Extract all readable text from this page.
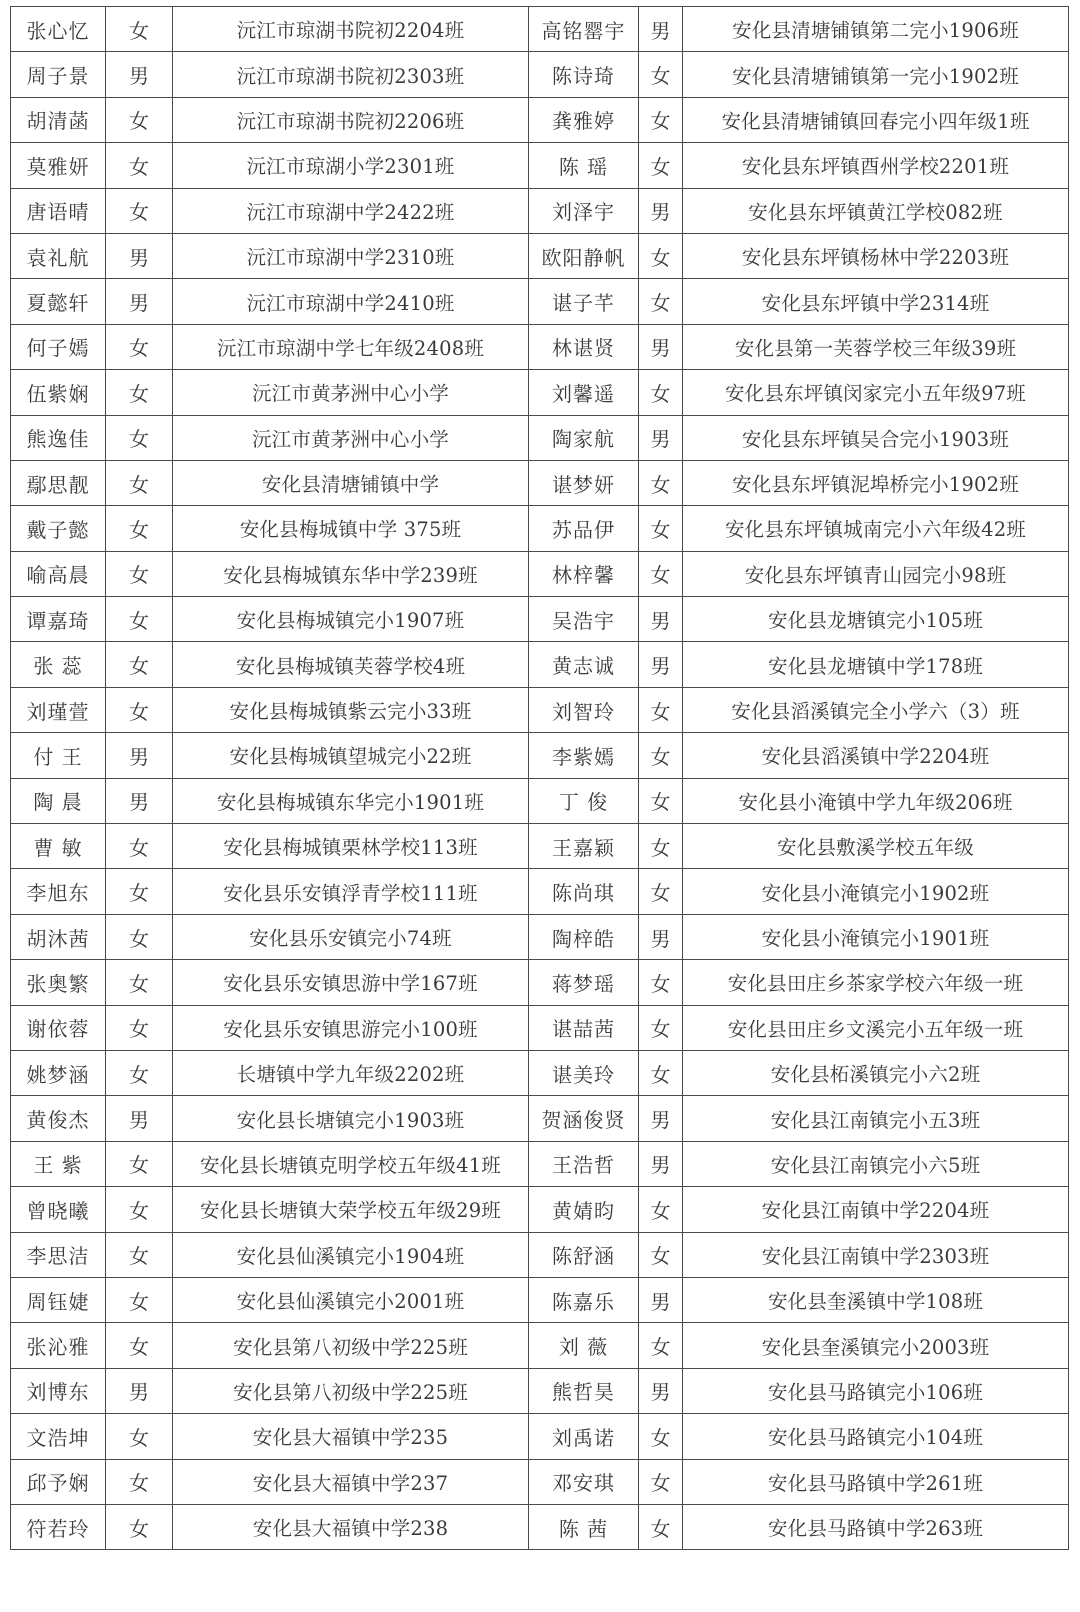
张心忆	女	沅江市琼湖书院初2204班	高铭罂宇	男	安化县清塘铺镇第二完小1906班
周子景	男	沅江市琼湖书院初2303班	陈诗琦	女	安化县清塘铺镇第一完小1902班
胡清菡	女	沅江市琼湖书院初2206班	龚雅婷	女	安化县清塘铺镇回春完小四年级1班
莫雅妍	女	沅江市琼湖小学2301班	陈 瑶	女	安化县东坪镇酉州学校2201班
唐语晴	女	沅江市琼湖中学2422班	刘泽宇	男	安化县东坪镇黄江学校082班
袁礼航	男	沅江市琼湖中学2310班	欧阳静帆	女	安化县东坪镇杨林中学2203班
夏懿轩	男	沅江市琼湖中学2410班	谌子芊	女	安化县东坪镇中学2314班
何子嫣	女	沅江市琼湖中学七年级2408班	林谌贤	男	安化县第一芙蓉学校三年级39班
伍紫娴	女	沅江市黄茅洲中心小学	刘馨遥	女	安化县东坪镇闵家完小五年级97班
熊逸佳	女	沅江市黄茅洲中心小学	陶家航	男	安化县东坪镇吴合完小1903班
鄢思靓	女	安化县清塘铺镇中学	谌梦妍	女	安化县东坪镇泥埠桥完小1902班
戴子懿	女	安化县梅城镇中学 375班	苏品伊	女	安化县东坪镇城南完小六年级42班
喻高晨	女	安化县梅城镇东华中学239班	林梓馨	女	安化县东坪镇青山园完小98班
谭嘉琦	女	安化县梅城镇完小1907班	吴浩宇	男	安化县龙塘镇完小105班
张 蕊	女	安化县梅城镇芙蓉学校4班	黄志诚	男	安化县龙塘镇中学178班
刘瑾萱	女	安化县梅城镇紫云完小33班	刘智玲	女	安化县滔溪镇完全小学六（3）班
付 王	男	安化县梅城镇望城完小22班	李紫嫣	女	安化县滔溪镇中学2204班
陶 晨	男	安化县梅城镇东华完小1901班	丁 俊	女	安化县小淹镇中学九年级206班
曹 敏	女	安化县梅城镇栗林学校113班	王嘉颖	女	安化县敷溪学校五年级
李旭东	女	安化县乐安镇浮青学校111班	陈尚琪	女	安化县小淹镇完小1902班
胡沐茜	女	安化县乐安镇完小74班	陶梓皓	男	安化县小淹镇完小1901班
张奥繁	女	安化县乐安镇思游中学167班	蒋梦瑶	女	安化县田庄乡茶家学校六年级一班
谢依蓉	女	安化县乐安镇思游完小100班	谌喆茜	女	安化县田庄乡文溪完小五年级一班
姚梦涵	女	长塘镇中学九年级2202班	谌美玲	女	安化县柘溪镇完小六2班
黄俊杰	男	安化县长塘镇完小1903班	贺涵俊贤	男	安化县江南镇完小五3班
王 紫	女	安化县长塘镇克明学校五年级41班	王浩哲	男	安化县江南镇完小六5班
曾晓曦	女	安化县长塘镇大荣学校五年级29班	黄婧昀	女	安化县江南镇中学2204班
李思洁	女	安化县仙溪镇完小1904班	陈舒涵	女	安化县江南镇中学2303班
周钰婕	女	安化县仙溪镇完小2001班	陈嘉乐	男	安化县奎溪镇中学108班
张沁雅	女	安化县第八初级中学225班	刘 薇	女	安化县奎溪镇完小2003班
刘博东	男	安化县第八初级中学225班	熊哲昊	男	安化县马路镇完小106班
文浩坤	女	安化县大福镇中学235	刘禹诺	女	安化县马路镇完小104班
邱予娴	女	安化县大福镇中学237	邓安琪	女	安化县马路镇中学261班
符若玲	女	安化县大福镇中学238	陈 茜	女	安化县马路镇中学263班
